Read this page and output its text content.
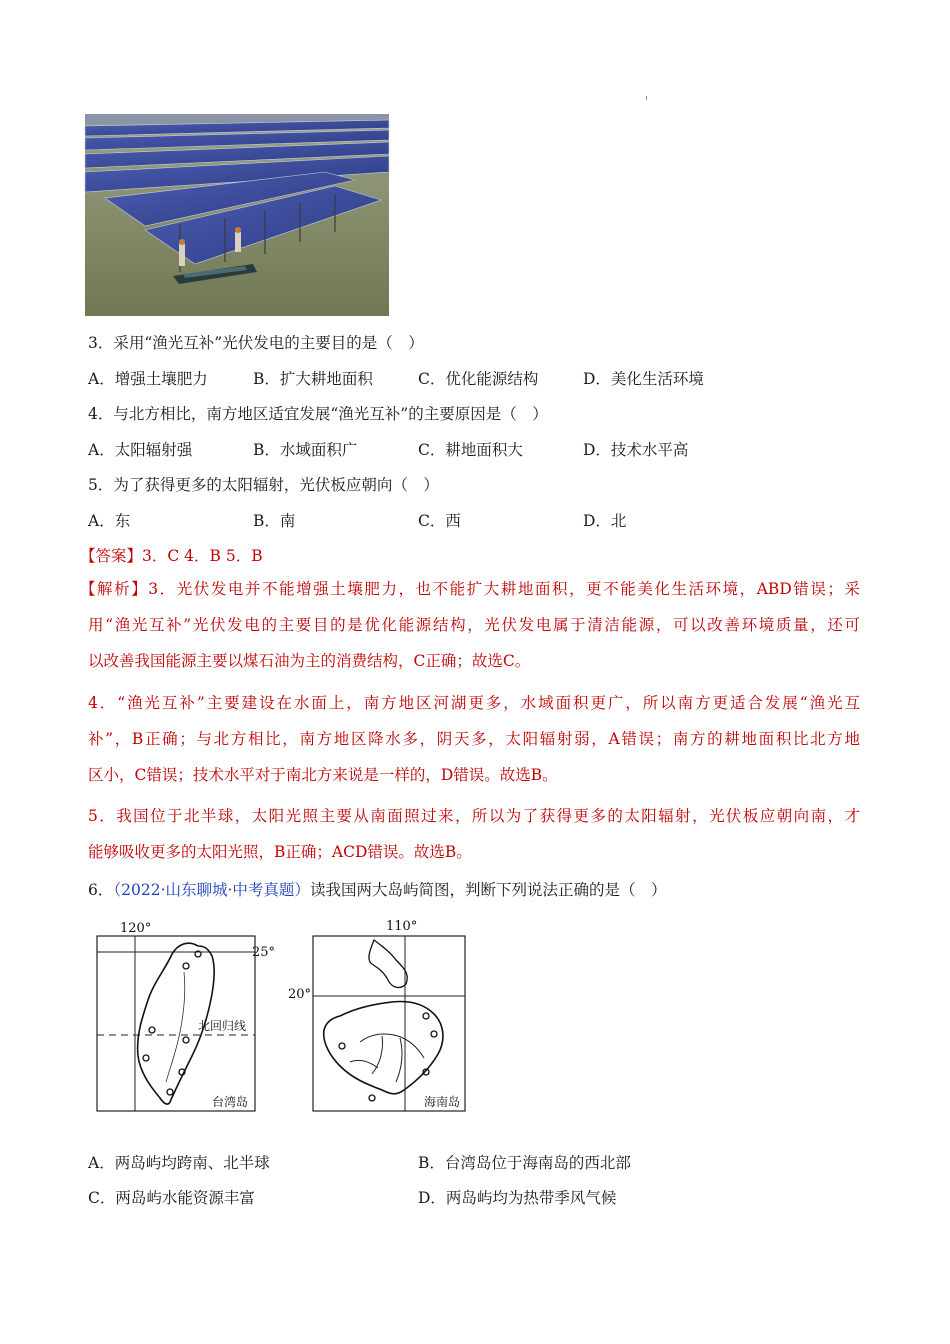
3．采用“渔光互补”光伏发电的主要目的是（　）
A．增强土壤肥力	B．扩大耕地面积	C．优化能源结构	D．美化生活环境
4．与北方相比，南方地区适宜发展“渔光互补”的主要原因是（　）
A．太阳辐射强	B．水域面积广	C．耕地面积大	D．技术水平高
5．为了获得更多的太阳辐射，光伏板应朝向（　）
A．东	B．南	C．西	D．北
【答案】3．C 4．B 5．B
【解析】3．光伏发电并不能增强土壤肥力，也不能扩大耕地面积，更不能美化生活环境，ABD错误；采
用“渔光互补”光伏发电的主要目的是优化能源结构，光伏发电属于清洁能源，可以改善环境质量，还可
以改善我国能源主要以煤石油为主的消费结构，C正确；故选C。
4．“渔光互补”主要建设在水面上，南方地区河湖更多，水域面积更广，所以南方更适合发展“渔光互
补”，B正确；与北方相比，南方地区降水多，阴天多，太阳辐射弱，A错误；南方的耕地面积比北方地
区小，C错误；技术水平对于南北方来说是一样的，D错误。故选B。
5．我国位于北半球，太阳光照主要从南面照过来，所以为了获得更多的太阳辐射，光伏板应朝向南，才
能够吸收更多的太阳光照，B正确；ACD错误。故选B。
6．（2022·山东聊城·中考真题）读我国两大岛屿简图，判断下列说法正确的是（　）
120°
25°
北回归线
台湾岛
110°
20°
海南岛
A．两岛屿均跨南、北半球	B．台湾岛位于海南岛的西北部
C．两岛屿水能资源丰富	D．两岛屿均为热带季风气候
